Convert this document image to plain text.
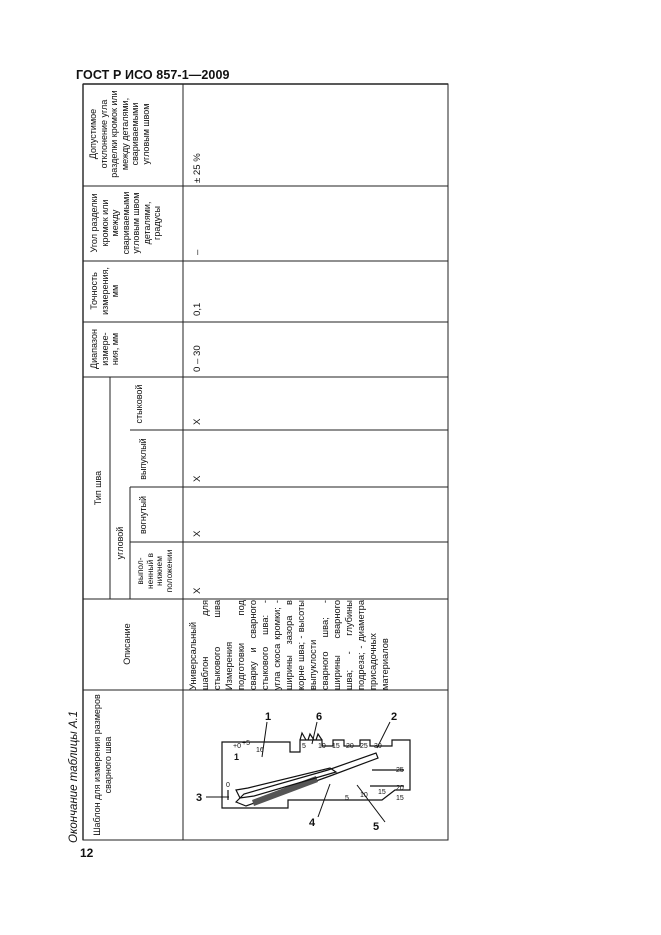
ГОСТ Р ИСО 857-1—2009
12
Окончание таблицы А.1 Шаблон для измерения размеров сварного шва
Описание
Тип шва
угловой
выпол-ненный в нижнем положении
вогнутый
выпуклый
стыковой
Диапазон измере-ния, мм
Точность измерения, мм
Угол разделки кромок или между свариваемыми угловым швом деталями, градусы
Допустимое отклонение угла разделки кромок или между деталями, свариваемыми угловым швом
Универсальный шаблон для стыкового шва Измерения подготовки под сварку и сварного стыкового шва: - угла скоса кромки; - ширины зазора в корне шва; - высоты выпуклости сварного шва; - ширины сварного шва; - глубины подреза; - диаметра присадочных материалов
X
X
X
X
0 – 30
0,1
–
± 25 %
+0 +5
1
16
5 10 15 20 25 30
25
20
15
0
5 10 15
1	2
3
4	5
6
